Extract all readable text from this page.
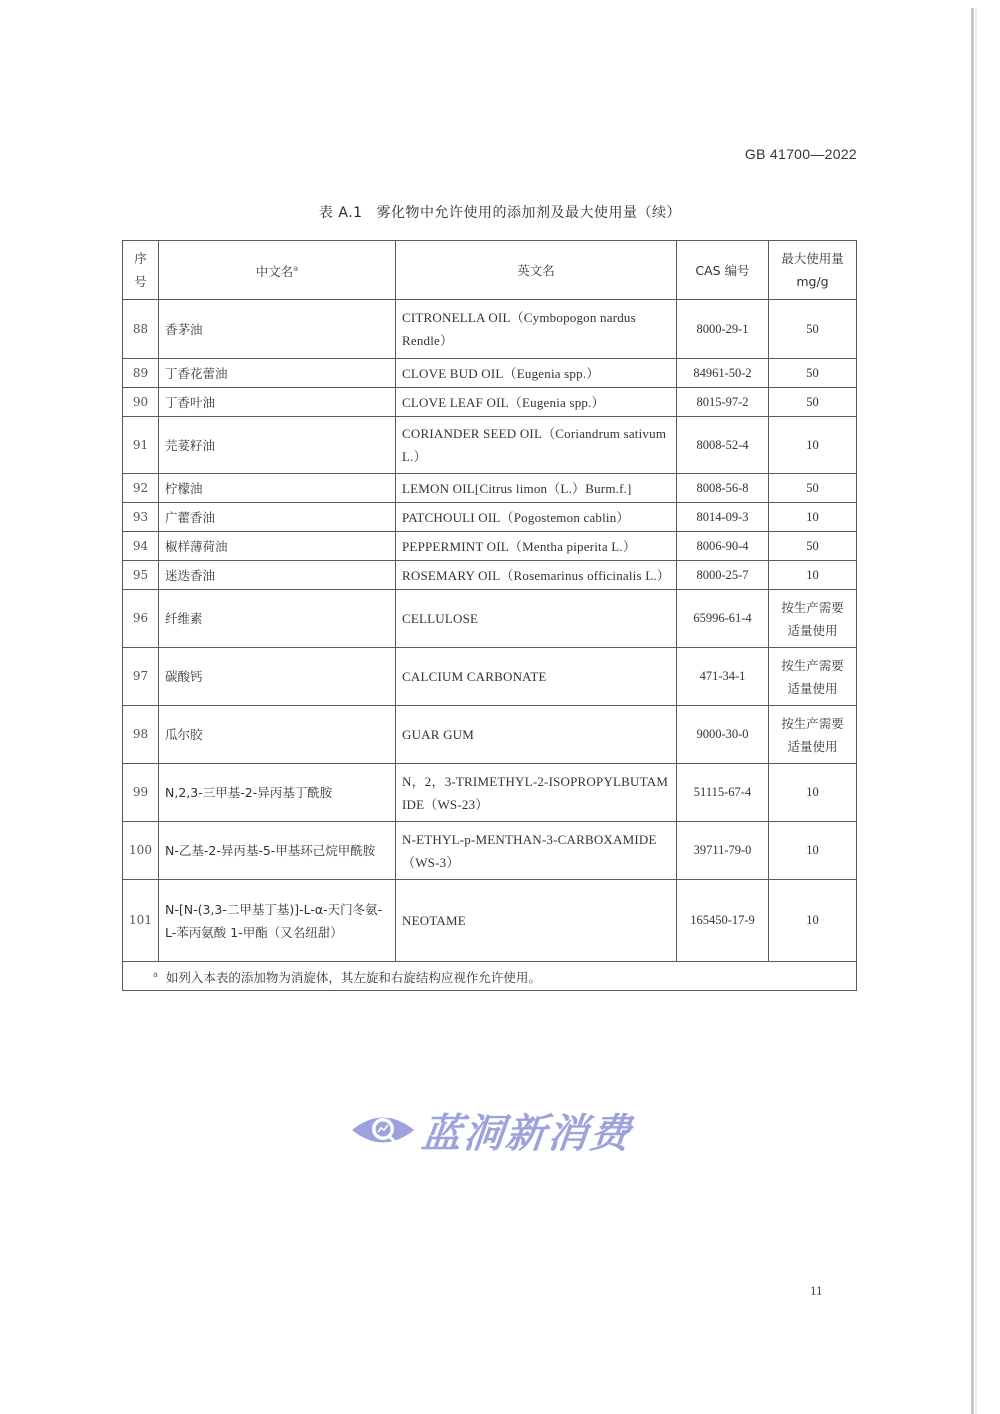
GB 41700—2022
表 A.1 雾化物中允许使用的添加剂及最大使用量（续）
序号	中文名$^a$	英文名	CAS 编号	最大使用量
mg/g

88	香茅油	CITRONELLA OIL（Cymbopogon nardus Rendle）	8000-29-1	50
89	丁香花蕾油	CLOVE BUD OIL（Eugenia spp.）	84961-50-2	50
90	丁香叶油	CLOVE LEAF OIL（Eugenia spp.）	8015-97-2	50
91	芫荽籽油	CORIANDER SEED OIL（Coriandrum sativum L.）	8008-52-4	10
92	柠檬油	LEMON OIL[Citrus limon（L.）Burm.f.]	8008-56-8	50
93	广藿香油	PATCHOULI OIL（Pogostemon cablin）	8014-09-3	10
94	椒样薄荷油	PEPPERMINT OIL（Mentha piperita L.）	8006-90-4	50
95	迷迭香油	ROSEMARY OIL（Rosemarinus officinalis L.）	8000-25-7	10
96	纤维素	CELLULOSE	65996-61-4	按生产需要适量使用
97	碳酸钙	CALCIUM CARBONATE	471-34-1	按生产需要适量使用
98	瓜尔胶	GUAR GUM	9000-30-0	按生产需要适量使用
99	N,2,3-三甲基-2-异丙基丁酰胺	N，2，3-TRIMETHYL-2-ISOPROPYLBUTAMIDE（WS-23）	51115-67-4	10
100	N-乙基-2-异丙基-5-甲基环己烷甲酰胺	N-ETHYL-p-MENTHAN-3-CARBOXAMIDE（WS-3）	39711-79-0	10
101	N-[N-(3,3-二甲基丁基)]-L-α-天门冬氨-L-苯丙氨酸 1-甲酯（又名纽甜）	NEOTAME	165450-17-9	10
$^a$ 如列入本表的添加物为消旋体，其左旋和右旋结构应视作允许使用。				
蓝洞新消费
11
